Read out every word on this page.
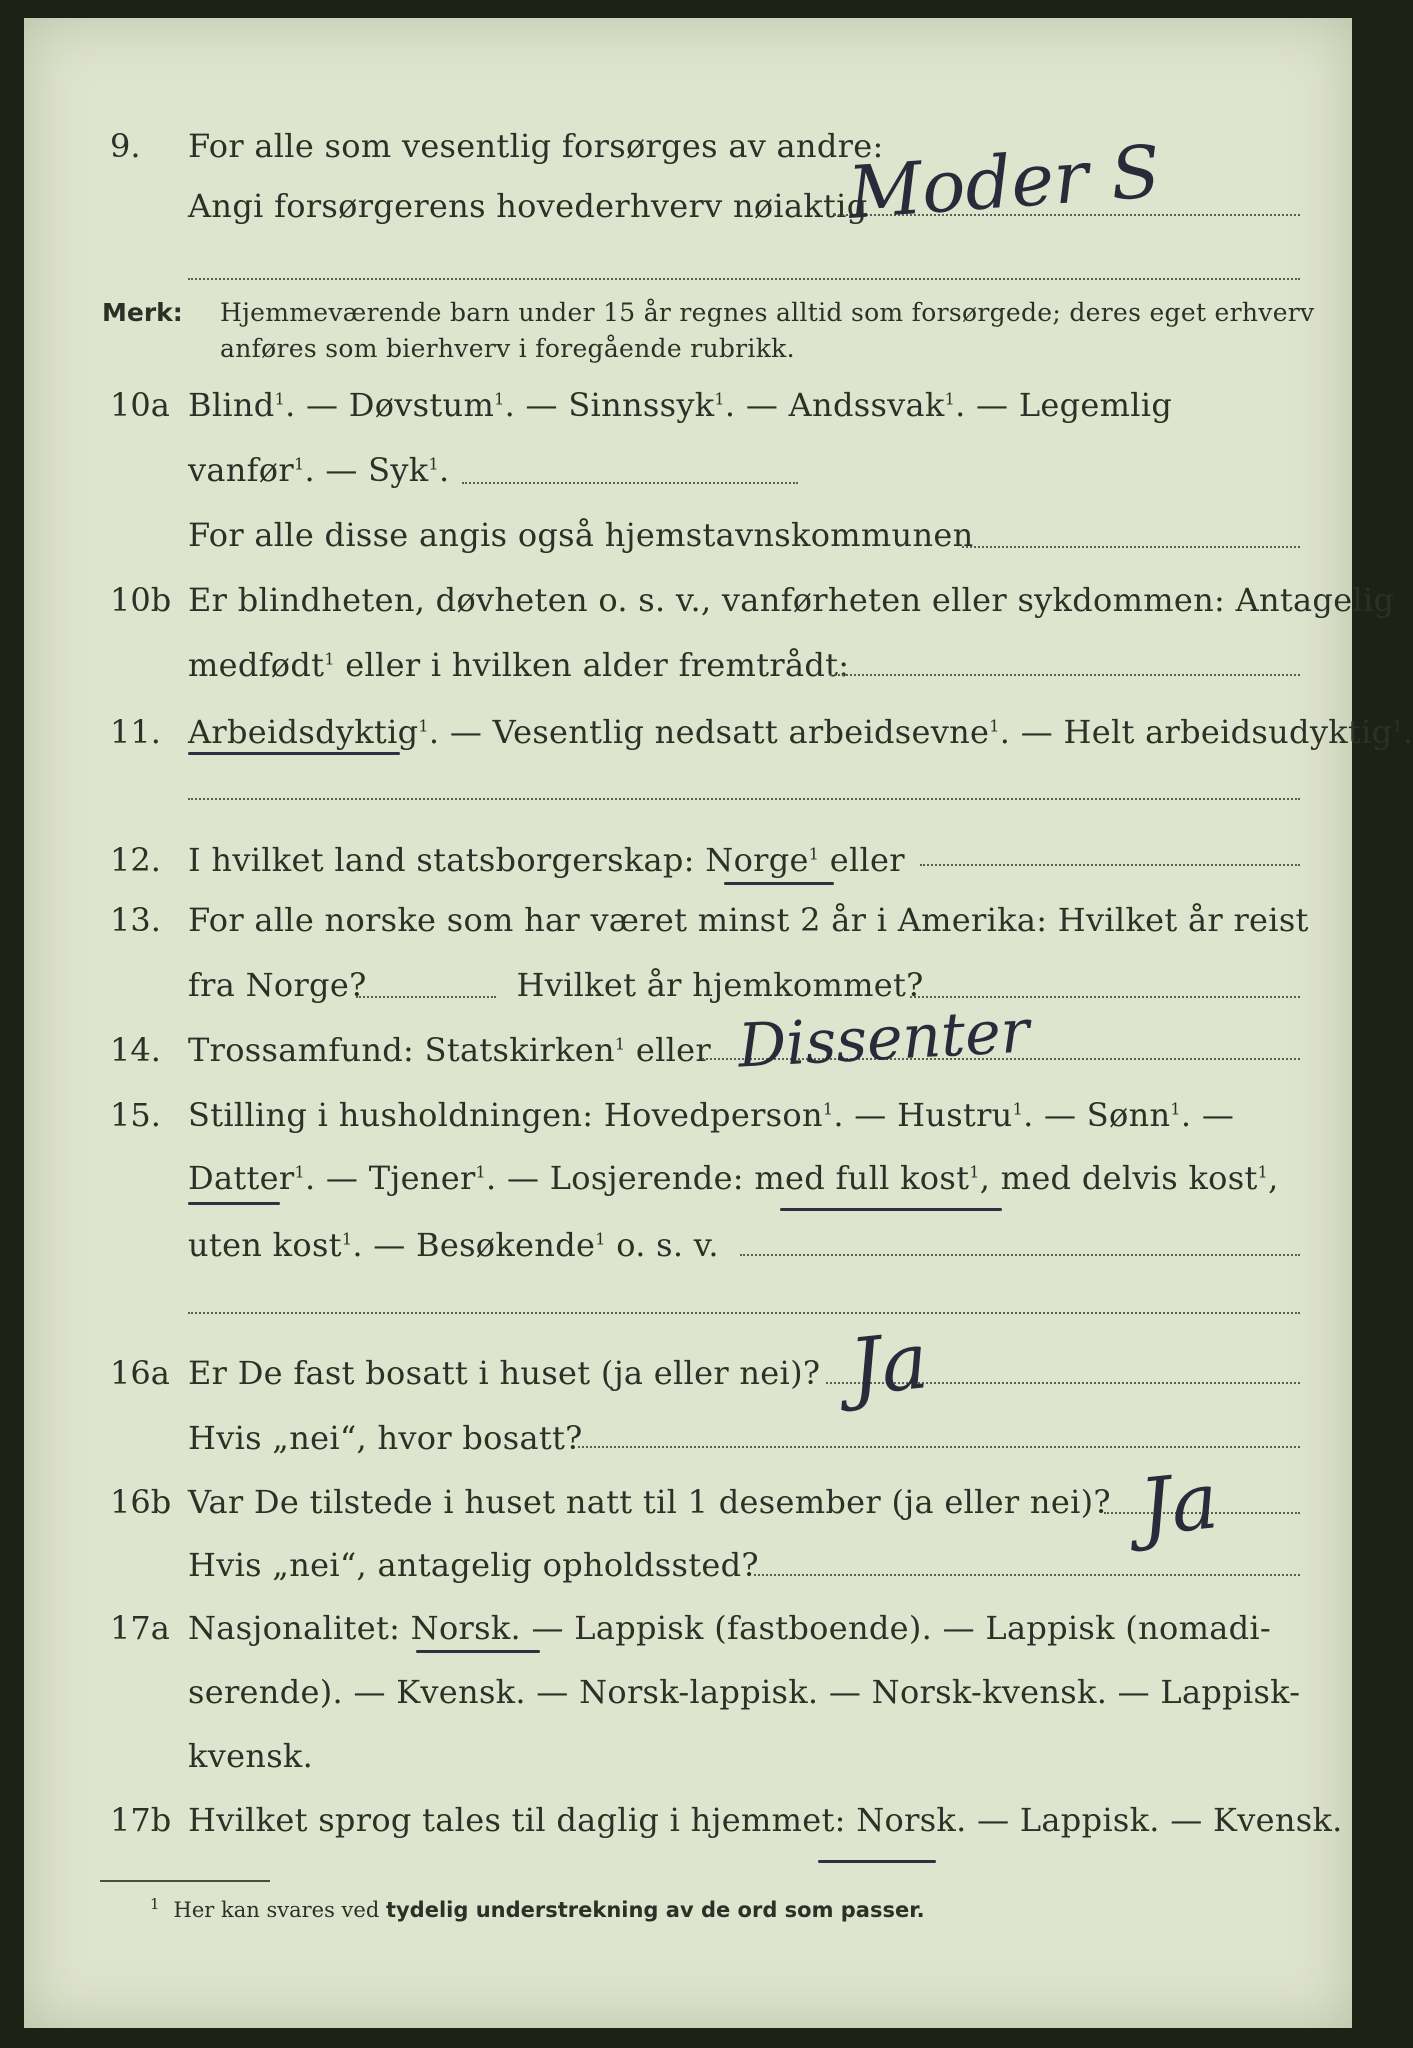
9. For alle som vesentlig forsørges av andre:
Angi forsørgerens hovederhverv nøiaktig
Moder S
Merk: Hjemmeværende barn under 15 år regnes alltid som forsørgede; deres eget erhverv
anføres som bierhverv i foregående rubrikk.
10a Blind$^1$. — Døvstum$^1$. — Sinnssyk$^1$. — Andssvak$^1$. — Legemlig
vanfør$^1$. — Syk$^1$.
For alle disse angis også hjemstavnskommunen
10b Er blindheten, døvheten o. s. v., vanførheten eller sykdommen: Antagelig
medfødt$^1$ eller i hvilken alder fremtrådt:
11. Arbeidsdyktig$^1$. — Vesentlig nedsatt arbeidsevne$^1$. — Helt arbeidsudyktig$^1$.
12. I hvilket land statsborgerskap: Norge$^1$ eller
13. For alle norske som har været minst 2 år i Amerika: Hvilket år reist
fra Norge?	Hvilket år hjemkommet?
14. Trossamfund: Statskirken$^1$ eller Dissenter
15. Stilling i husholdningen: Hovedperson$^1$. — Hustru$^1$. — Sønn$^1$. —
Datter$^1$. — Tjener$^1$. — Losjerende: med full kost$^1$, med delvis kost$^1$,
uten kost$^1$. — Besøkende$^1$ o. s. v.
16a Er De fast bosatt i huset (ja eller nei)? Ja
Hvis „nei“, hvor bosatt?
16b Var De tilstede i huset natt til 1 desember (ja eller nei)? Ja
Hvis „nei“, antagelig opholdssted?
17a Nasjonalitet: Norsk. — Lappisk (fastboende). — Lappisk (nomadi-
serende). — Kvensk. — Norsk-lappisk. — Norsk-kvensk. — Lappisk-
kvensk.
17b Hvilket sprog tales til daglig i hjemmet: Norsk. — Lappisk. — Kvensk.
$^1$ Her kan svares ved tydelig understrekning av de ord som passer.
